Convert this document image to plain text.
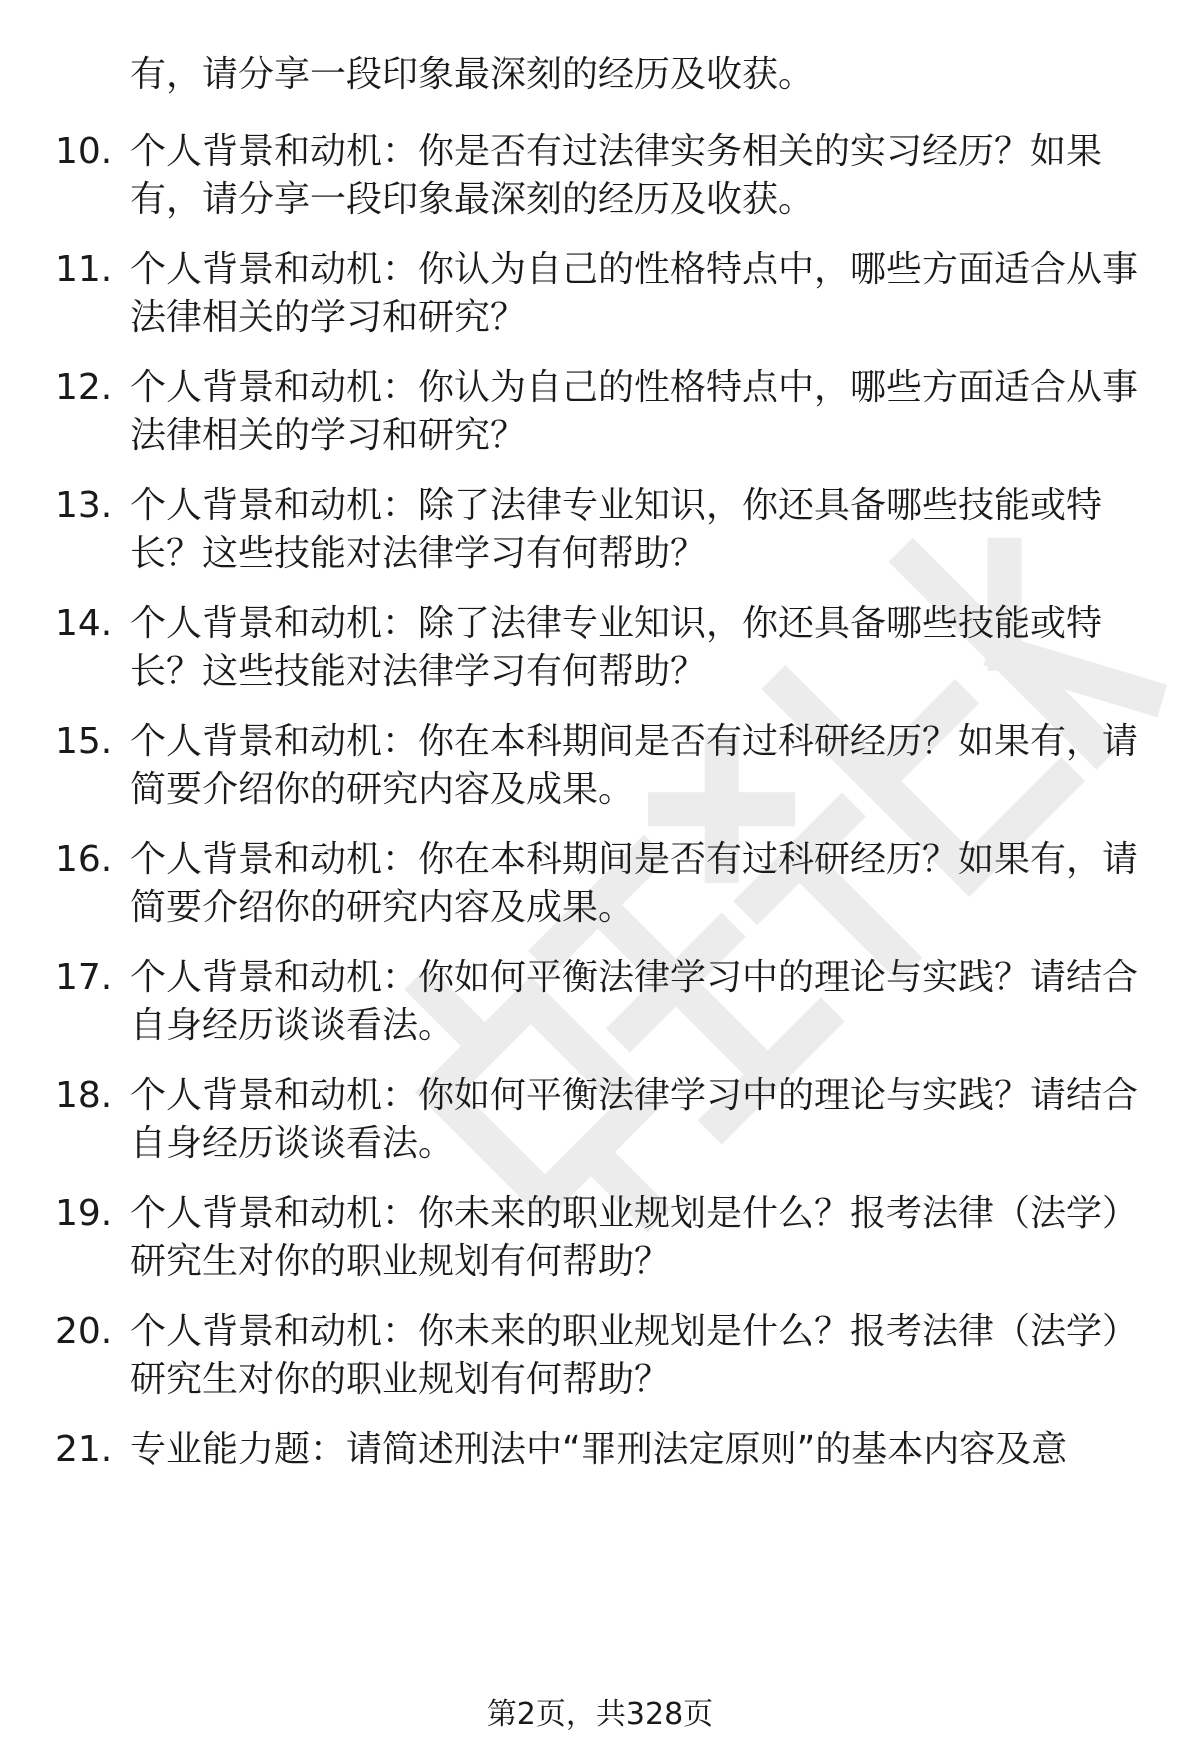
有，请分享一段印象最深刻的经历及收获。
10. 个人背景和动机：你是否有过法律实务相关的实习经历？如果
有，请分享一段印象最深刻的经历及收获。
11. 个人背景和动机：你认为自己的性格特点中，哪些方面适合从事
法律相关的学习和研究？
12. 个人背景和动机：你认为自己的性格特点中，哪些方面适合从事
法律相关的学习和研究？
13. 个人背景和动机：除了法律专业知识，你还具备哪些技能或特
长？这些技能对法律学习有何帮助？
14. 个人背景和动机：除了法律专业知识，你还具备哪些技能或特
长？这些技能对法律学习有何帮助？
15. 个人背景和动机：你在本科期间是否有过科研经历？如果有，请
简要介绍你的研究内容及成果。
16. 个人背景和动机：你在本科期间是否有过科研经历？如果有，请
简要介绍你的研究内容及成果。
17. 个人背景和动机：你如何平衡法律学习中的理论与实践？请结合
自身经历谈谈看法。
18. 个人背景和动机：你如何平衡法律学习中的理论与实践？请结合
自身经历谈谈看法。
19. 个人背景和动机：你未来的职业规划是什么？报考法律（法学）
研究生对你的职业规划有何帮助？
20. 个人背景和动机：你未来的职业规划是什么？报考法律（法学）
研究生对你的职业规划有何帮助？
21. 专业能力题：请简述刑法中“罪刑法定原则”的基本内容及意
第2页，共328页
